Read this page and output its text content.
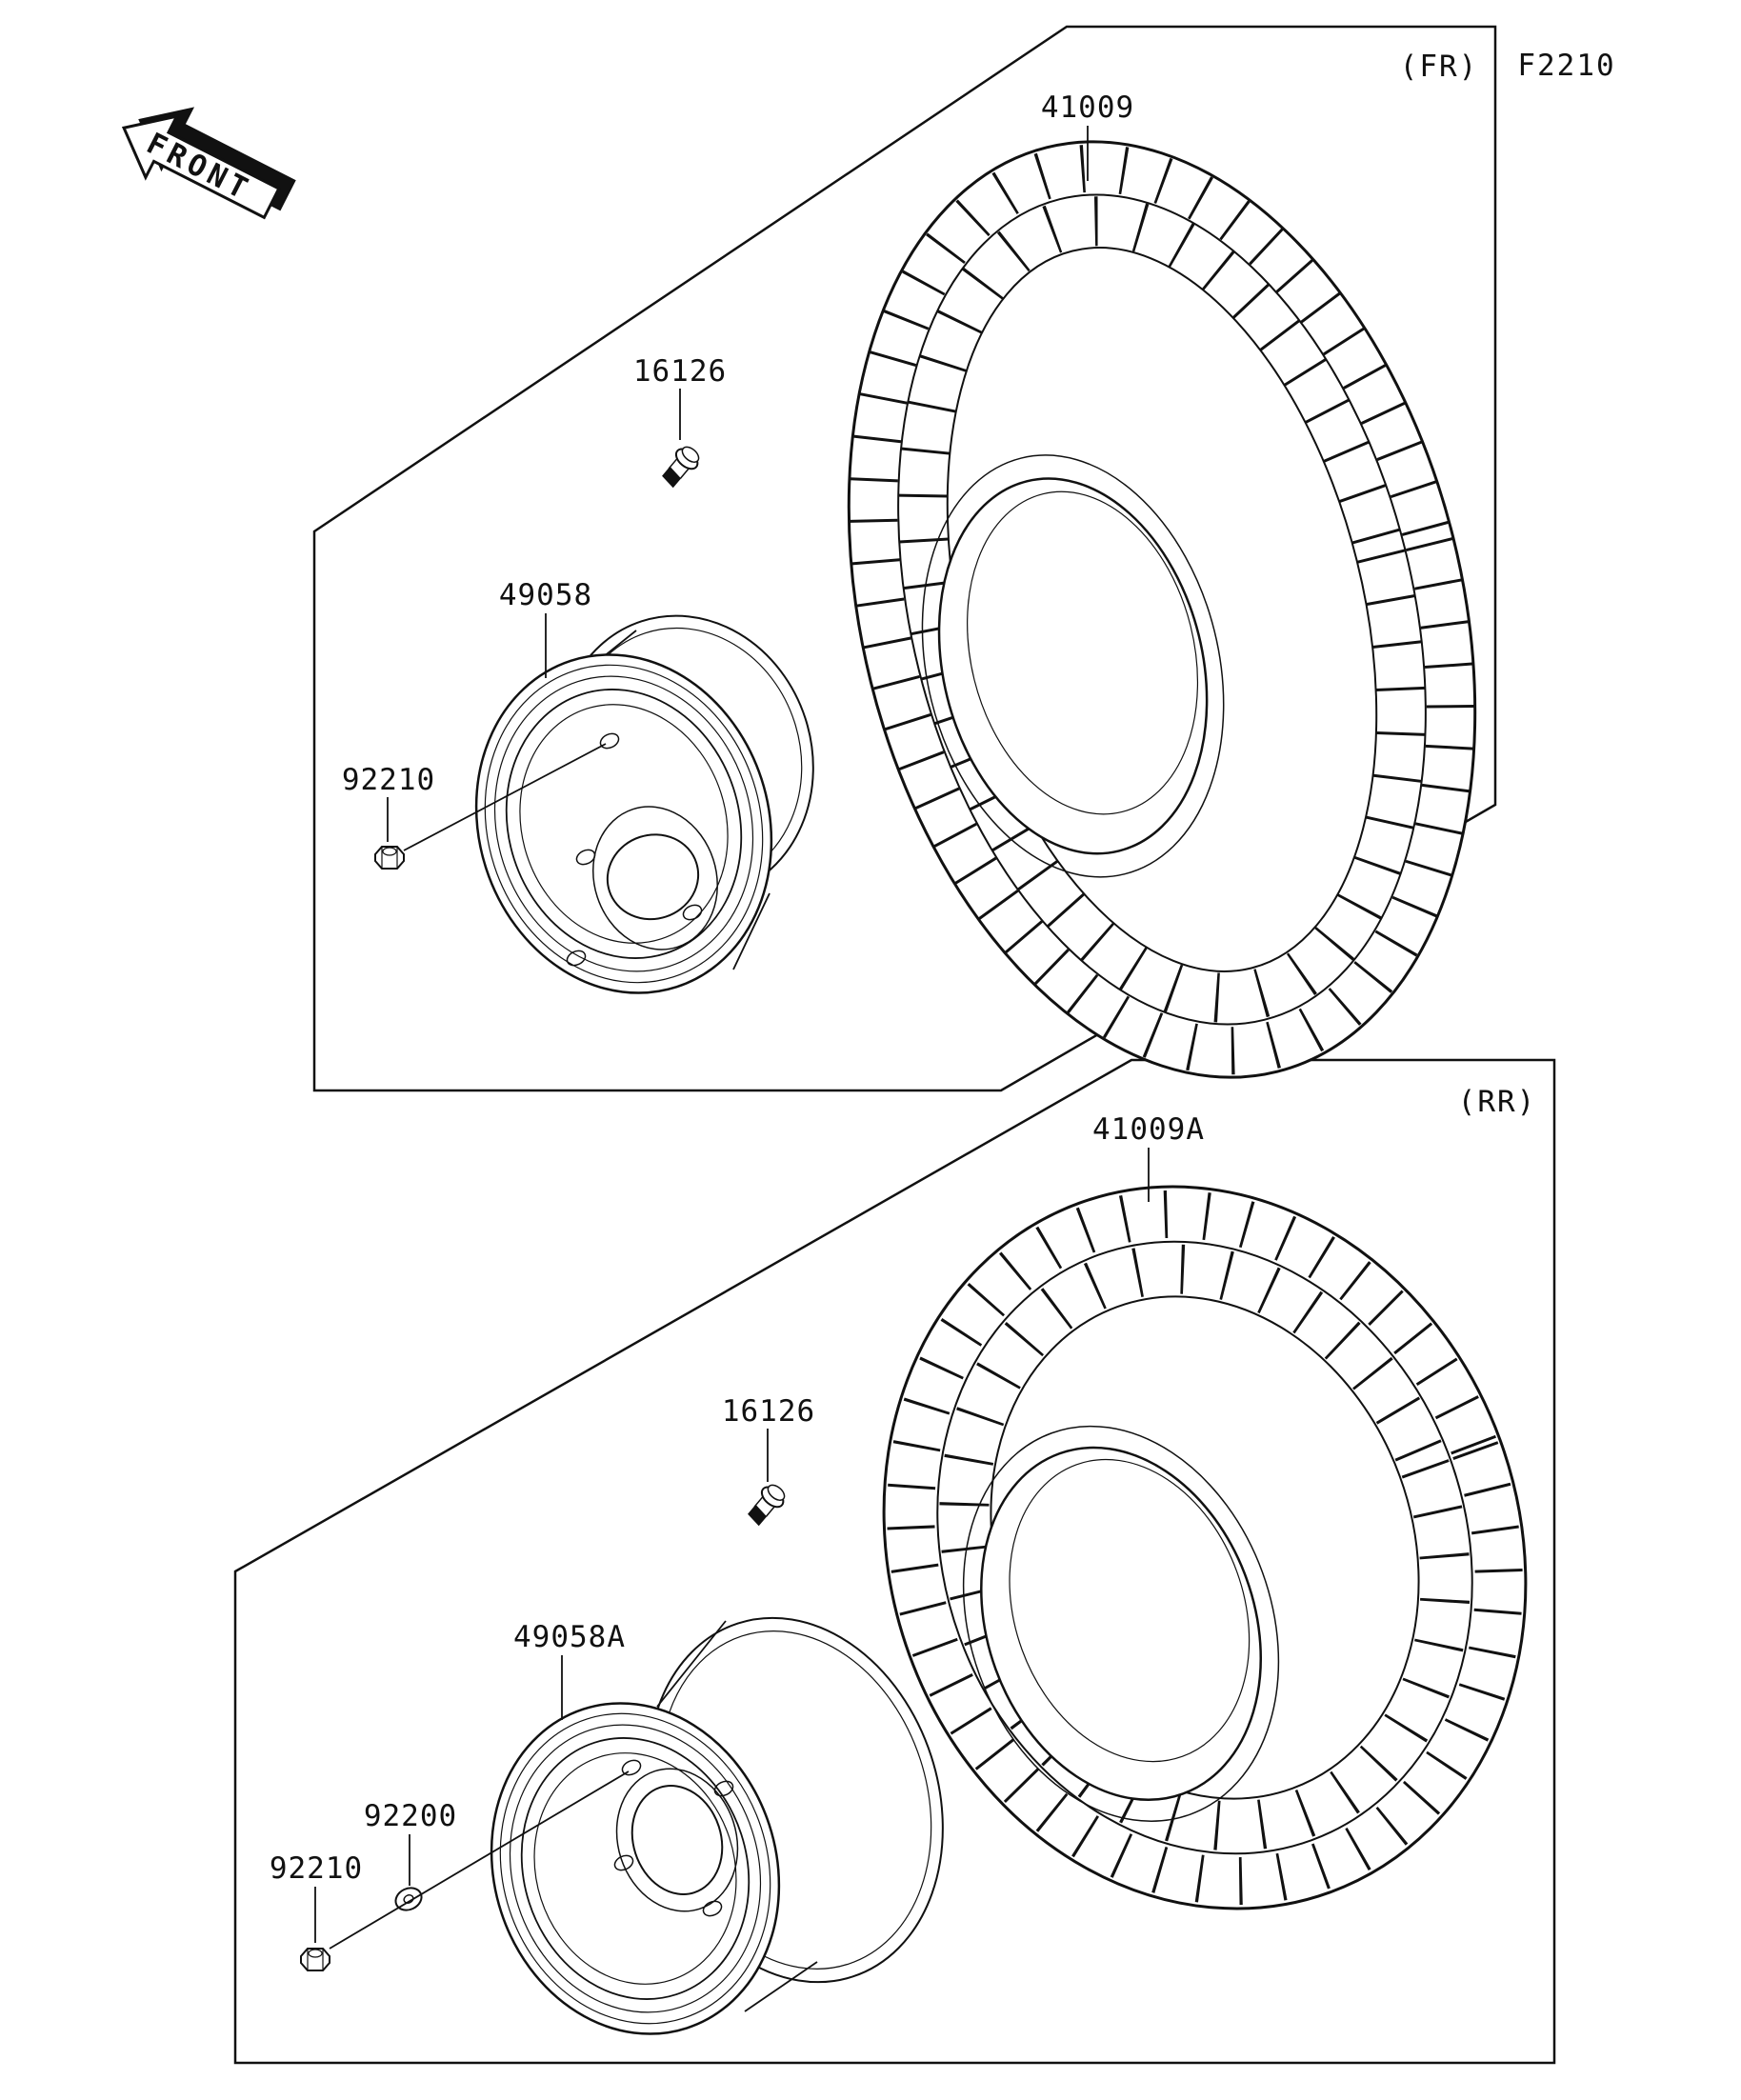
FRONT
41009
16126
49058
92210
(FR) F2210
41009A
16126
49058A
92200
92210
(RR)
